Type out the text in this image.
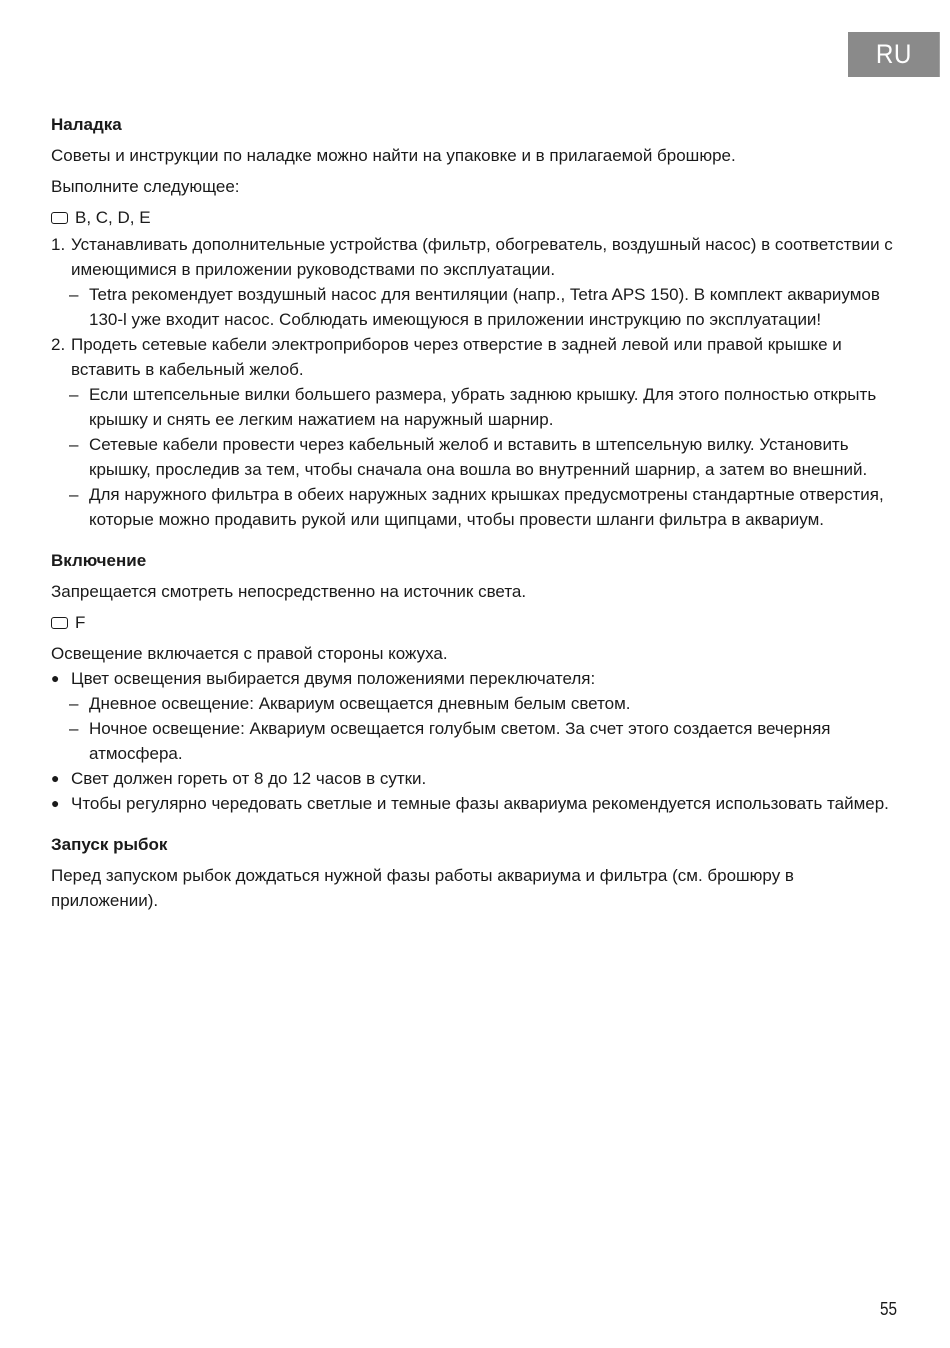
RU

Наладка

Советы и инструкции по наладке можно найти на упаковке и в прилагаемой брошюре.

Выполните следующее:

B, C, D, E
1. Устанавливать дополнительные устройства (фильтр, обогреватель, воздушный насос) в соответствии с имеющимися в приложении руководствами по эксплуатации.
– Tetra рекомендует воздушный насос для вентиляции (напр., Tetra APS 150). В комплект аквариумов 130-l уже входит насос. Соблюдать имеющуюся в приложении инструкцию по эксплуатации!
2. Продеть сетевые кабели электроприборов через отверстие в задней левой или правой крышке и вставить в кабельный желоб.
– Если штепсельные вилки большего размера, убрать заднюю крышку. Для этого полностью открыть крышку и снять ее легким нажатием на наружный шарнир.
– Сетевые кабели провести через кабельный желоб и вставить в штепсельную вилку. Установить крышку, проследив за тем, чтобы сначала она вошла во внутренний шарнир, а затем во внешний.
– Для наружного фильтра в обеих наружных задних крышках предусмотрены стандартные отверстия, которые можно продавить рукой или щипцами, чтобы провести шланги фильтра в аквариум.

Включение

Запрещается смотреть непосредственно на источник света.

F

Освещение включается с правой стороны кожуха.

● Цвет освещения выбирается двумя положениями переключателя:
– Дневное освещение: Аквариум освещается дневным белым светом.
– Ночное освещение: Аквариум освещается голубым светом. За счет этого создается вечерняя атмосфера.
● Свет должен гореть от 8 до 12 часов в сутки.
● Чтобы регулярно чередовать светлые и темные фазы аквариума рекомендуется использовать таймер.

Запуск рыбок

Перед запуском рыбок дождаться нужной фазы работы аквариума и фильтра (см. брошюру в приложении).

55
